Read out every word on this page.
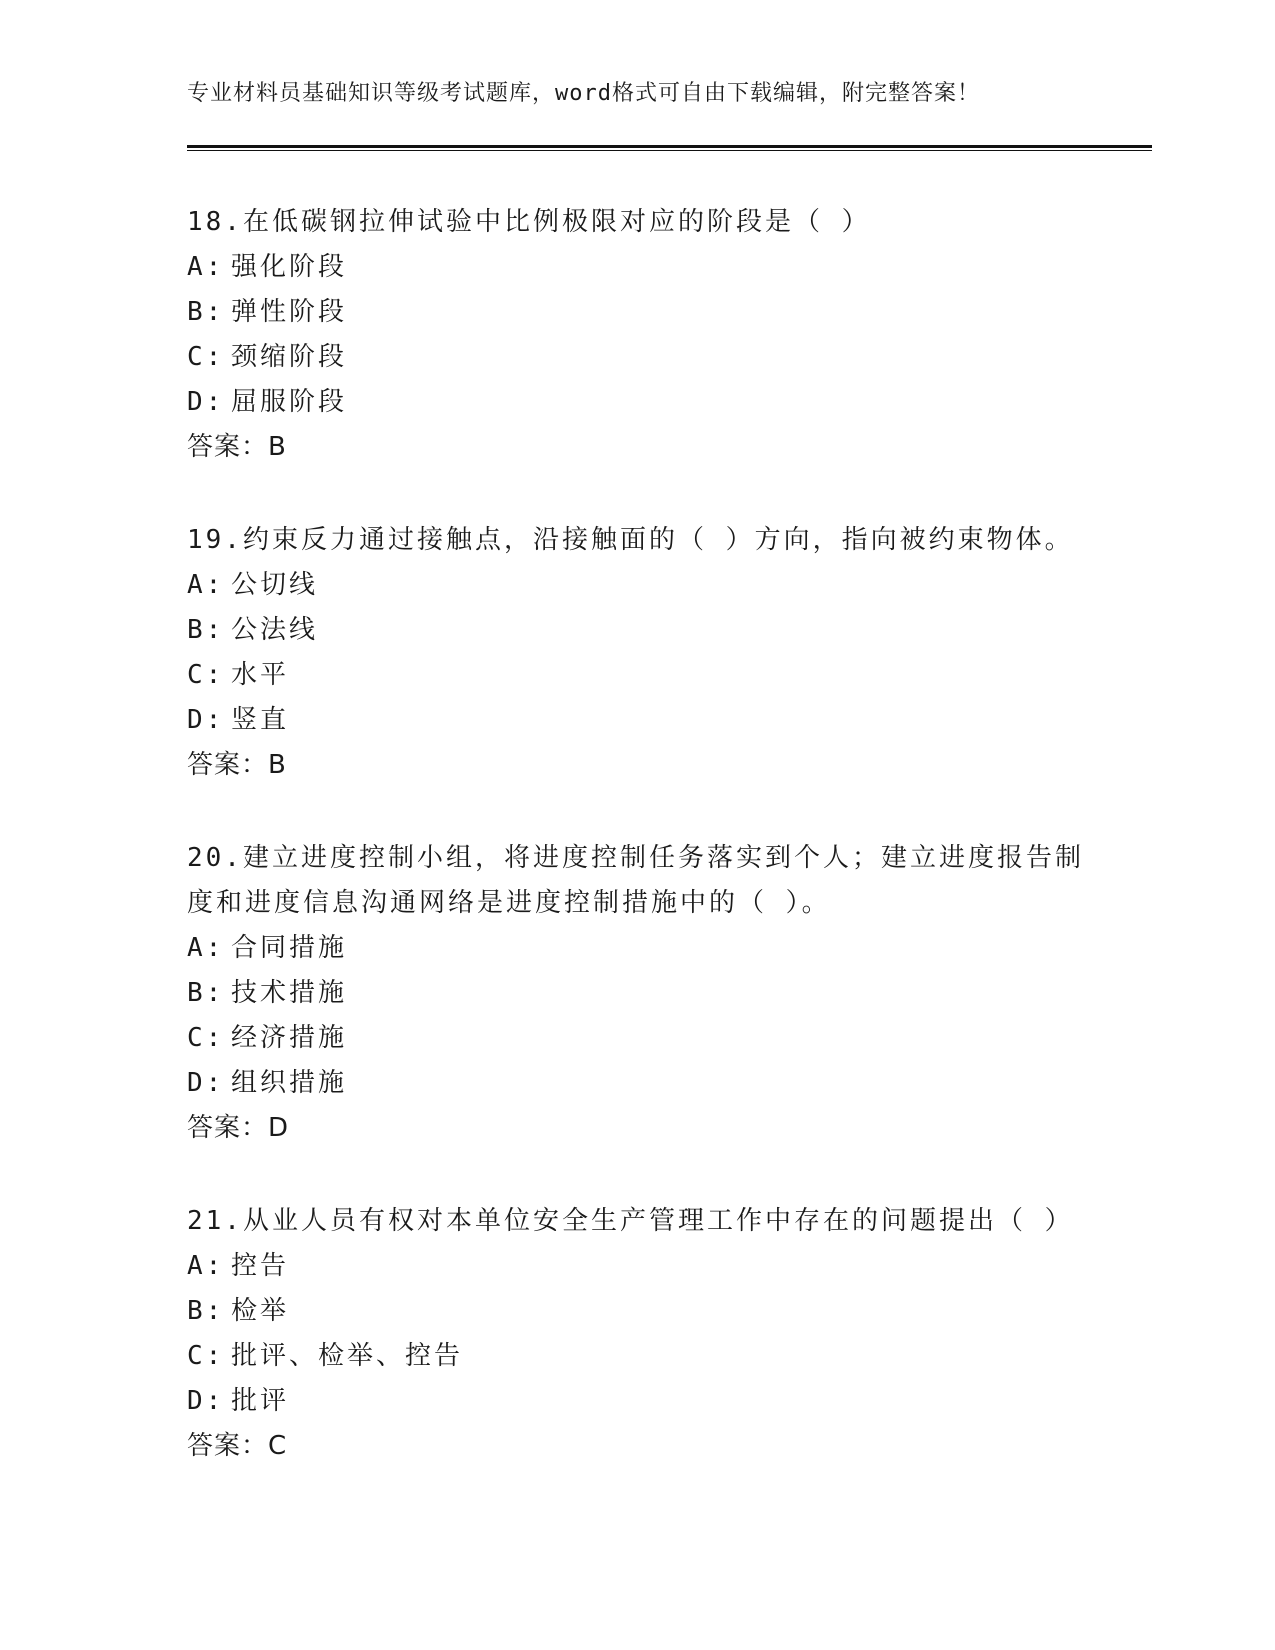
专业材料员基础知识等级考试题库，word格式可自由下载编辑，附完整答案！

18.在低碳钢拉伸试验中比例极限对应的阶段是（ ）

A: 强化阶段
B: 弹性阶段
C: 颈缩阶段
D: 屈服阶段
答案：B

19.约束反力通过接触点，沿接触面的（ ）方向，指向被约束物体。

A: 公切线
B: 公法线
C: 水平
D: 竖直
答案：B

20.建立进度控制小组，将进度控制任务落实到个人；建立进度报告制度和进度信息沟通网络是进度控制措施中的（ ）。

A: 合同措施
B: 技术措施
C: 经济措施
D: 组织措施
答案：D

21.从业人员有权对本单位安全生产管理工作中存在的问题提出（ ）

A: 控告
B: 检举
C: 批评、检举、控告
D: 批评
答案：C
